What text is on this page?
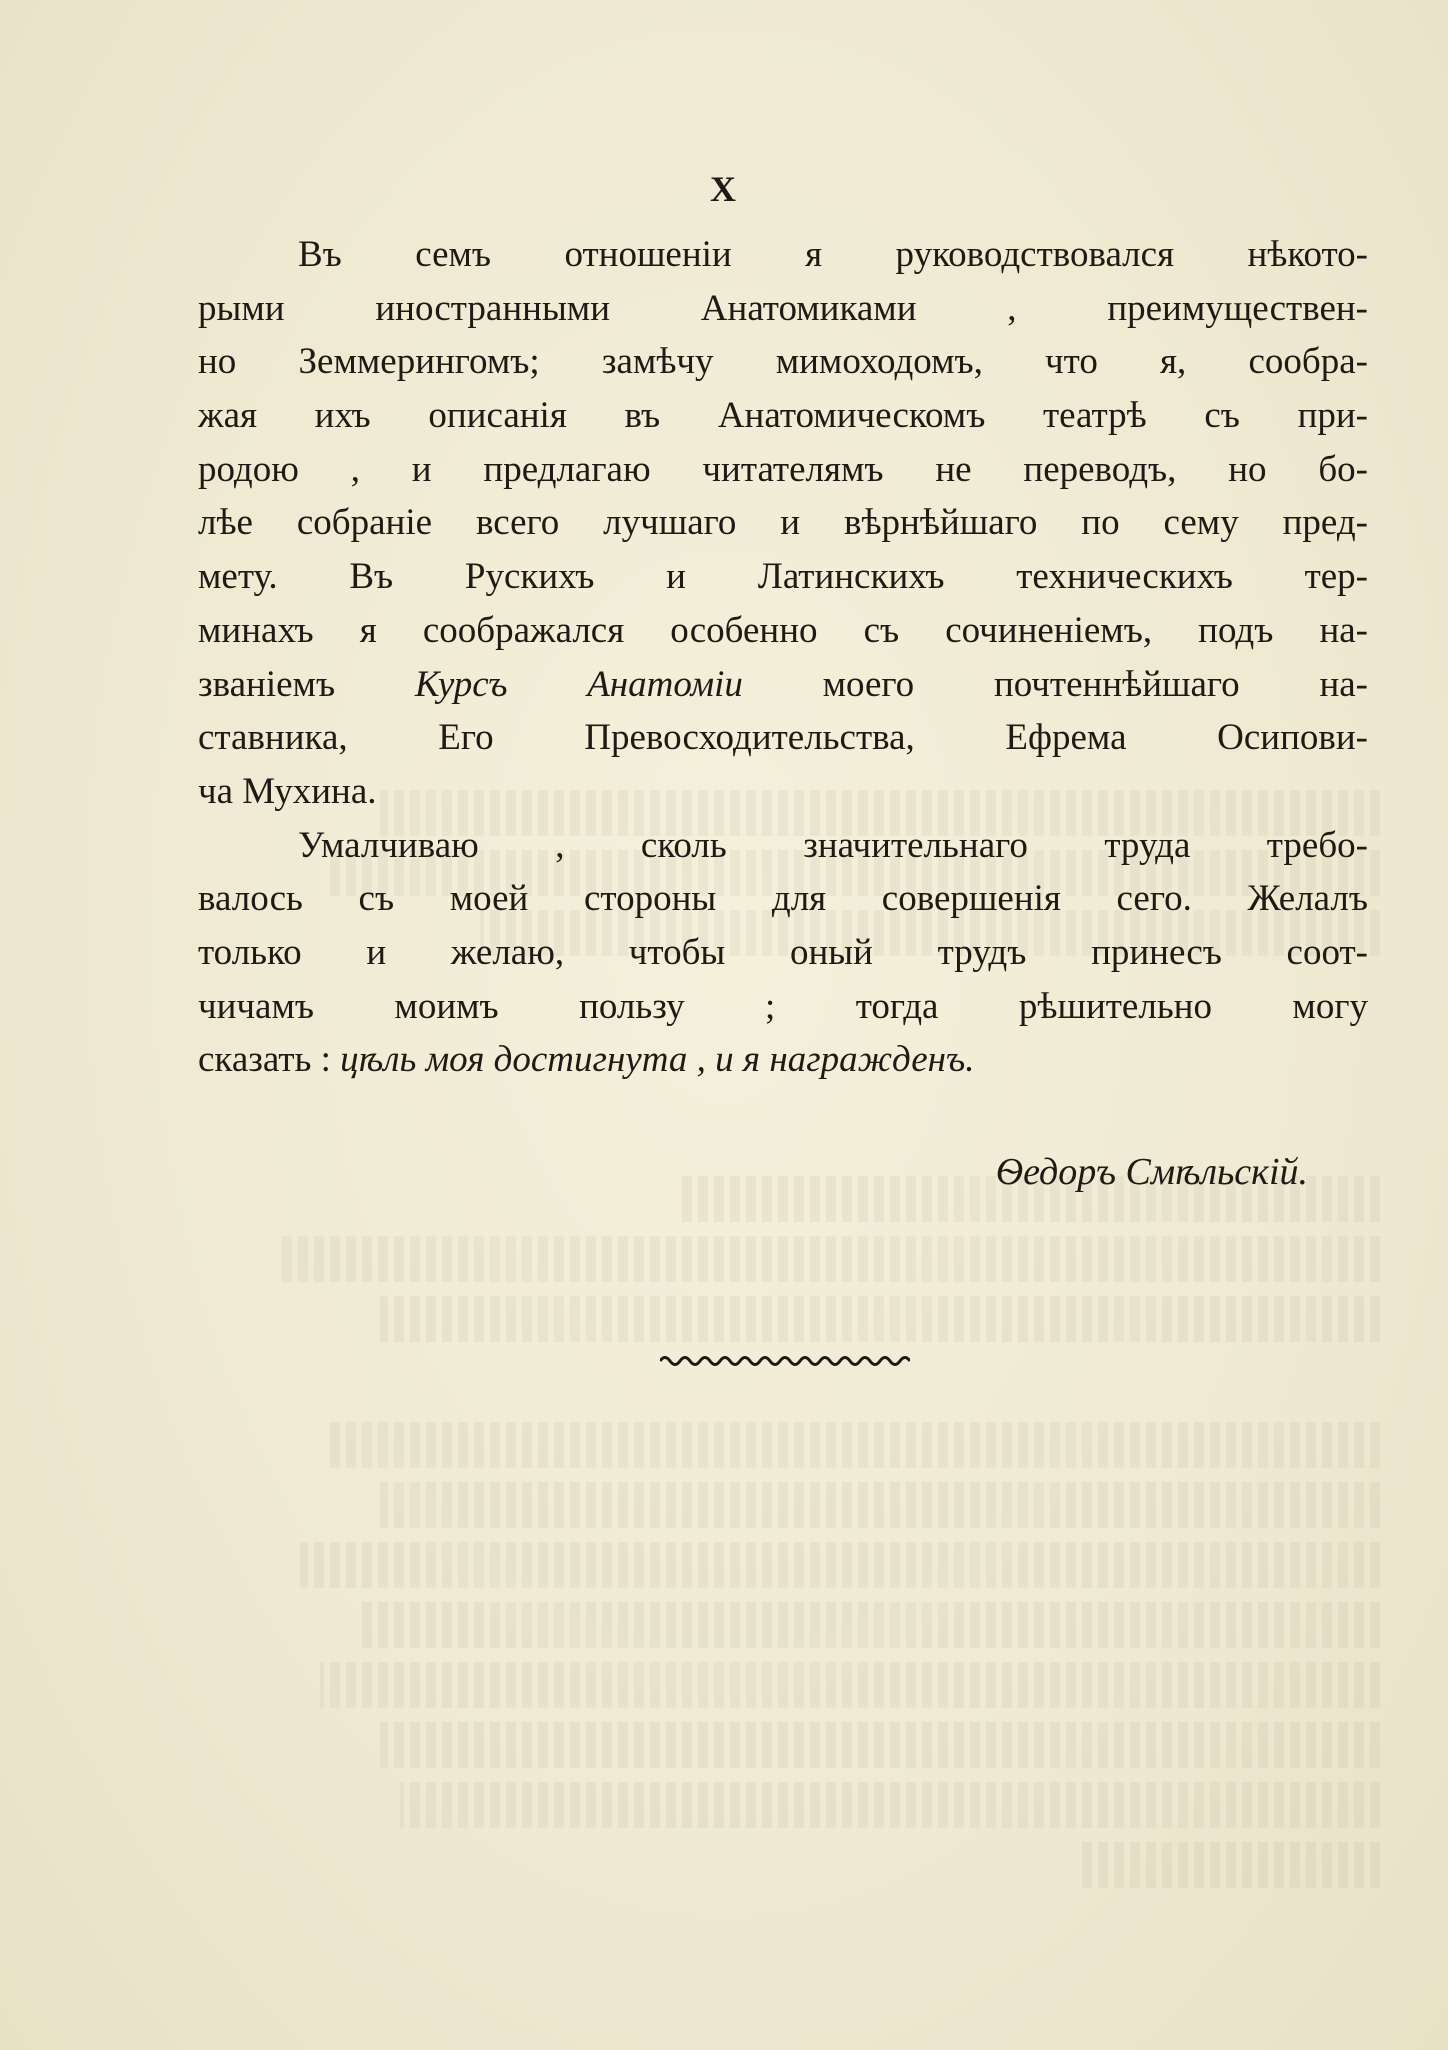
X
Въ семъ отношеніи я руководствовался нѣкото-
рыми иностранными Анатомиками , преимуществен-
но Земмерингомъ; замѣчу мимоходомъ, что я, сообра-
жая ихъ описанія въ Анатомическомъ театрѣ съ при-
родою , и предлагаю читателямъ не переводъ, но бо-
лѣе собраніе всего лучшаго и вѣрнѣйшаго по сему пред-
мету. Въ Рускихъ и Латинскихъ техническихъ тер-
минахъ я соображался особенно съ сочиненіемъ, подъ на-
званіемъ Курсъ Анатоміи моего почтеннѣйшаго на-
ставника, Его Превосходительства, Ефрема Осипови-
ча Мухина.
Умалчиваю , сколь значительнаго труда требо-
валось съ моей стороны для совершенія сего. Желалъ
только и желаю, чтобы оный трудъ принесъ соот-
чичамъ моимъ пользу ; тогда рѣшительно могу
сказать : цѣль моя достигнута , и я награжденъ.
Ѳедоръ Смѣльскій.
